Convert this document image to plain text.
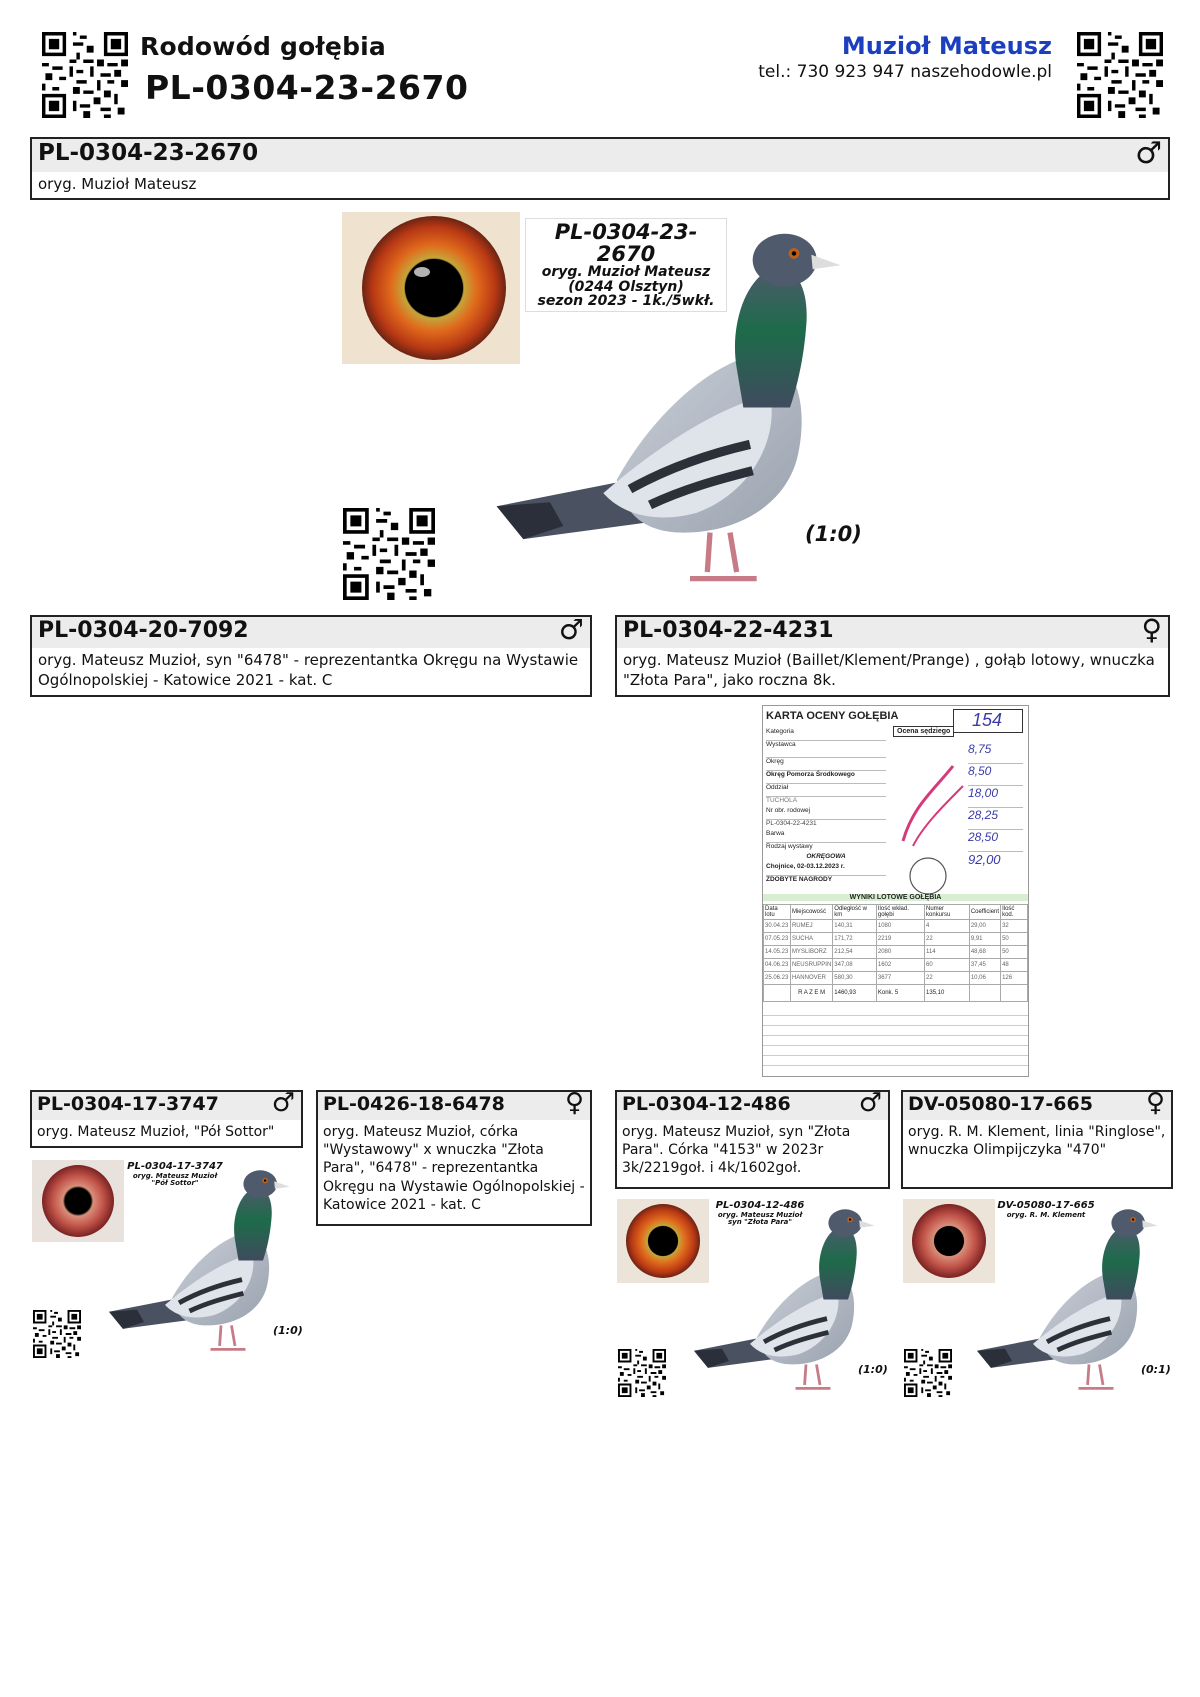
Rodowód gołębia
PL-0304-23-2670
Muzioł Mateusz
tel.: 730 923 947 naszehodowle.pl
PL-0304-23-2670	♂
oryg. Muzioł Mateusz
PL-0304-23-2670
oryg. Muzioł Mateusz
(0244 Olsztyn)
sezon 2023 - 1k./5wkł.
(1:0)
PL-0304-20-7092	♂
oryg. Mateusz Muzioł, syn "6478" - reprezentantka Okręgu na Wystawie Ogólnopolskiej - Katowice 2021 - kat. C
PL-0304-22-4231	♀
oryg. Mateusz Muzioł (Baillet/Klement/Prange) , gołąb lotowy, wnuczka "Złota Para", jako roczna 8k.
KARTA OCENY GOŁĘBIA	154
Ocena sędziego
Kategoria
Wystawca
Okręg
Okręg Pomorza Środkowego
Oddział
TUCHOLA
Nr obr. rodowej
PL-0304-22-4231
Barwa
Rodzaj wystawy
OKRĘGOWA
Chojnice, 02-03.12.2023 r.
ZDOBYTE NAGRODY
8,75
8,50
18,00
28,25
28,50
92,00
WYNIKI LOTOWE GOŁĘBIA
Data lotu	Miejscowość	Odległość w km	Ilość wkład. gołębi	Numer konkursu	Coefficient	Ilość kod.
30.04.23	RUMEJ	140,31	1080	4	29,00	32
07.05.23	SUCHA	171,72	2219	22	9,91	50
14.05.23	MYSLIBORZ	212,54	2080	114	48,68	50
04.06.23	NEUSRUPPIN	347,08	1602	60	37,45	48
25.06.23	HANNOVER	580,30	3677	22	10,06	126
	R A Z E M	1460,93	Konk. 5	135,10		
PL-0304-17-3747 ♂
oryg. Mateusz Muzioł, "Pół Sottor"
PL-0304-17-3747
oryg. Mateusz Muzioł
"Pół Sottor"
(1:0)
PL-0426-18-6478 ♀
oryg. Mateusz Muzioł, córka "Wystawowy" x wnuczka "Złota Para", "6478" - reprezentantka Okręgu na Wystawie Ogólnopolskiej - Katowice 2021 - kat. C
PL-0304-12-486	♂
oryg. Mateusz Muzioł, syn "Złota Para". Córka "4153" w 2023r 3k/2219goł. i 4k/1602goł.
PL-0304-12-486
oryg. Mateusz Muzioł
syn "Złota Para"
(1:0)
DV-05080-17-665 ♀
oryg. R. M. Klement, linia "Ringlose", wnuczka Olimpijczyka "470"
DV-05080-17-665
oryg. R. M. Klement
(0:1)
